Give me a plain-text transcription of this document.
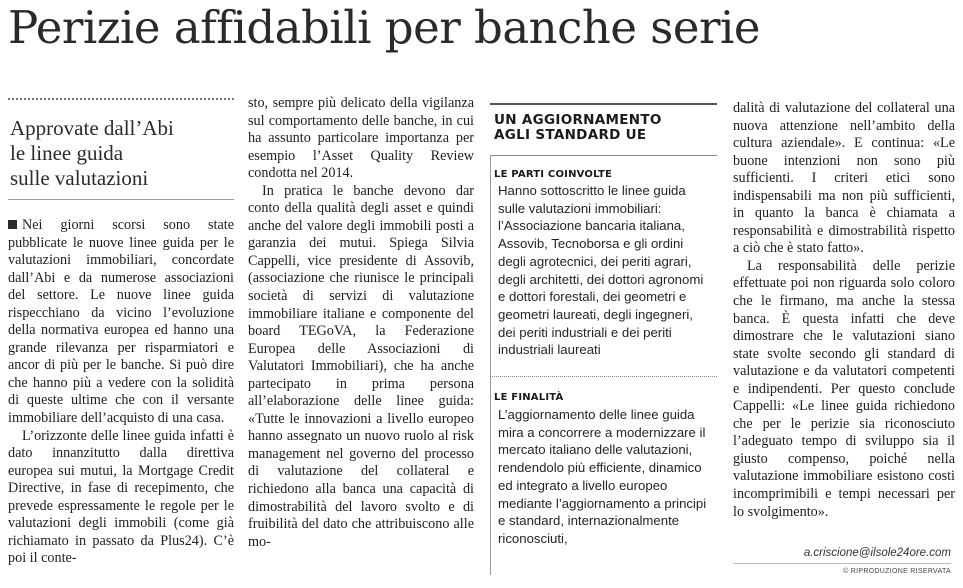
Perizie affidabili per banche serie
Approvate dall’Abi
le linee guida
sulle valutazioni

Nei giorni scorsi sono state pubblicate le nuove linee guida per le valutazioni immobiliari, concordate dall’Abi e da numerose associazioni del settore. Le nuove linee guida rispecchiano da vicino l’evoluzione della normativa europea ed hanno una grande rilevanza per risparmiatori e ancor di più per le banche. Si può dire che hanno più a vedere con la solidità di queste ultime che con il versante immobiliare dell’acquisto di una casa.

L’orizzonte delle linee guida infatti è dato innanzitutto dalla direttiva europea sui mutui, la Mortgage Credit Directive, in fase di recepimento, che prevede espressamente le regole per le valutazioni degli immobili (come già richiamato in passato da Plus24). C’è poi il conte-

sto, sempre più delicato della vigilanza sul comportamento delle banche, in cui ha assunto particolare importanza per esempio l’Asset Quality Review condotta nel 2014.

In pratica le banche devono dar conto della qualità degli asset e quindi anche del valore degli immobili posti a garanzia dei mutui. Spiega Silvia Cappelli, vice presidente di Assovib, (associazione che riunisce le principali società di servizi di valutazione immobiliare italiane e componente del board TEGoVA, la Federazione Europea delle Associazioni di Valutatori Immobiliari), che ha anche partecipato in prima persona all’elaborazione delle linee guida: «Tutte le innovazioni a livello europeo hanno assegnato un nuovo ruolo al risk management nel governo del processo di valutazione del collateral e richiedono alla banca una capacità di dimostrabilità del lavoro svolto e di fruibilità del dato che attribuiscono alle mo-

UN AGGIORNAMENTO
AGLI STANDARD UE
LE PARTI COINVOLTE
Hanno sottoscritto le linee guida sulle valutazioni immobiliari: l’Associazione bancaria italiana, Assovib, Tecnoborsa e gli ordini degli agrotecnici, dei periti agrari, degli architetti, dei dottori agronomi e dottori forestali, dei geometri e geometri laureati, degli ingegneri, dei periti industriali e dei periti industriali laureati
LE FINALITÀ
L’aggiornamento delle linee guida mira a concorrere a modernizzare il mercato italiano delle valutazioni, rendendolo più efficiente, dinamico ed integrato a livello europeo mediante l’aggiornamento a principi e standard, internazionalmente riconosciuti,

dalità di valutazione del collateral una nuova attenzione nell’ambito della cultura aziendale». E continua: «Le buone intenzioni non sono più sufficienti. I criteri etici sono indispensabili ma non più sufficienti, in quanto la banca è chiamata a responsabilità e dimostrabilità rispetto a ciò che è stato fatto».

La responsabilità delle perizie effettuate poi non riguarda solo coloro che le firmano, ma anche la stessa banca. È questa infatti che deve dimostrare che le valutazioni siano state svolte secondo gli standard di valutazione e da valutatori competenti e indipendenti. Per questo conclude Cappelli: «Le linee guida richiedono che per le perizie sia riconosciuto l’adeguato tempo di sviluppo sia il giusto compenso, poiché nella valutazione immobiliare esistono costi incomprimibili e tempi necessari per lo svolgimento».

a.criscione@ilsole24ore.com
© RIPRODUZIONE RISERVATA
